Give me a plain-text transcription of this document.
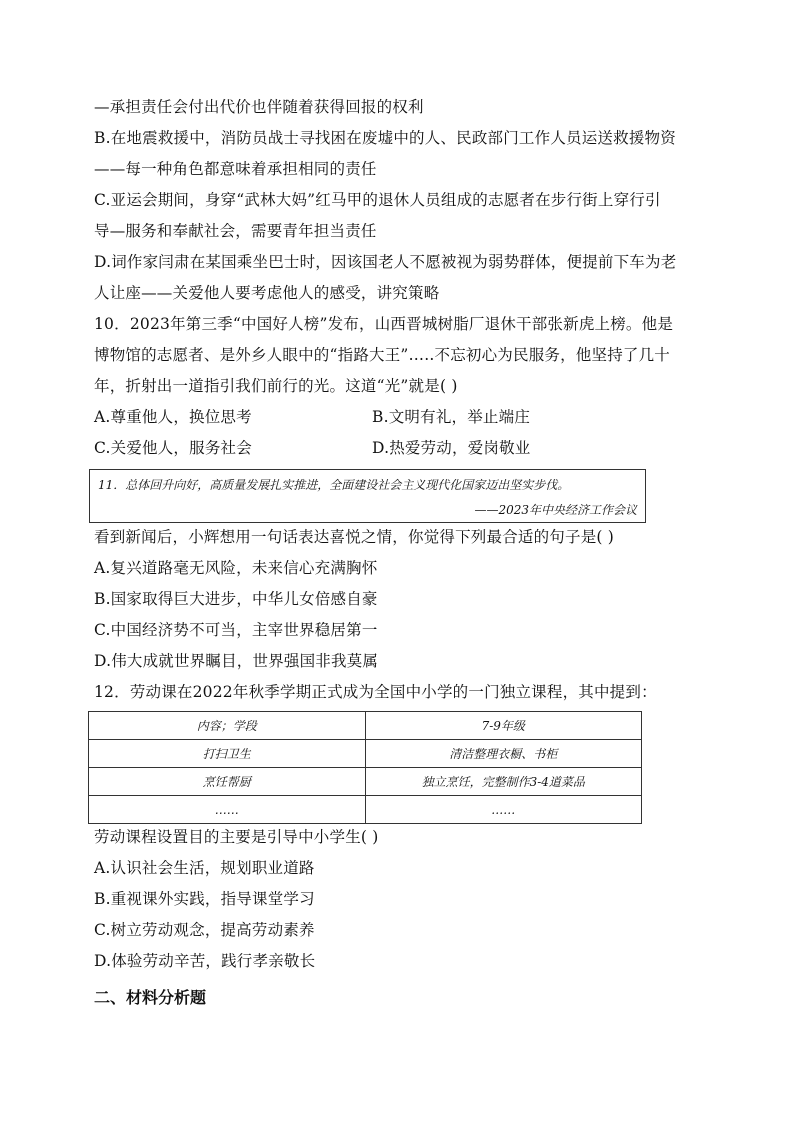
—承担责任会付出代价也伴随着获得回报的权利
B.在地震救援中，消防员战士寻找困在废墟中的人、民政部门工作人员运送救援物资
——每一种角色都意味着承担相同的责任
C.亚运会期间，身穿“武林大妈”红马甲的退休人员组成的志愿者在步行街上穿行引
导—服务和奉献社会，需要青年担当责任
D.词作家闫肃在某国乘坐巴士时，因该国老人不愿被视为弱势群体，便提前下车为老
人让座——关爱他人要考虑他人的感受，讲究策略
10．2023年第三季“中国好人榜”发布，山西晋城树脂厂退休干部张新虎上榜。他是
博物馆的志愿者、是外乡人眼中的“指路大王”…..不忘初心为民服务，他坚持了几十
年，折射出一道指引我们前行的光。这道“光”就是( )
A.尊重他人，换位思考	B.文明有礼，举止端庄
C.关爱他人，服务社会	D.热爱劳动，爱岗敬业
11．总体回升向好，高质量发展扎实推进，全面建设社会主义现代化国家迈出坚实步伐。
——2023年中央经济工作会议
看到新闻后，小辉想用一句话表达喜悦之情，你觉得下列最合适的句子是( )
A.复兴道路毫无风险，未来信心充满胸怀
B.国家取得巨大进步，中华儿女倍感自豪
C.中国经济势不可当，主宰世界稳居第一
D.伟大成就世界瞩目，世界强国非我莫属
12．劳动课在2022年秋季学期正式成为全国中小学的一门独立课程，其中提到：
内容；学段	7-9年级
打扫卫生	清洁整理衣橱、书柜
烹饪帮厨	独立烹饪，完整制作3-4道菜品
……	……
劳动课程设置目的主要是引导中小学生( )
A.认识社会生活，规划职业道路
B.重视课外实践，指导课堂学习
C.树立劳动观念，提高劳动素养
D.体验劳动辛苦，践行孝亲敬长
二、材料分析题
